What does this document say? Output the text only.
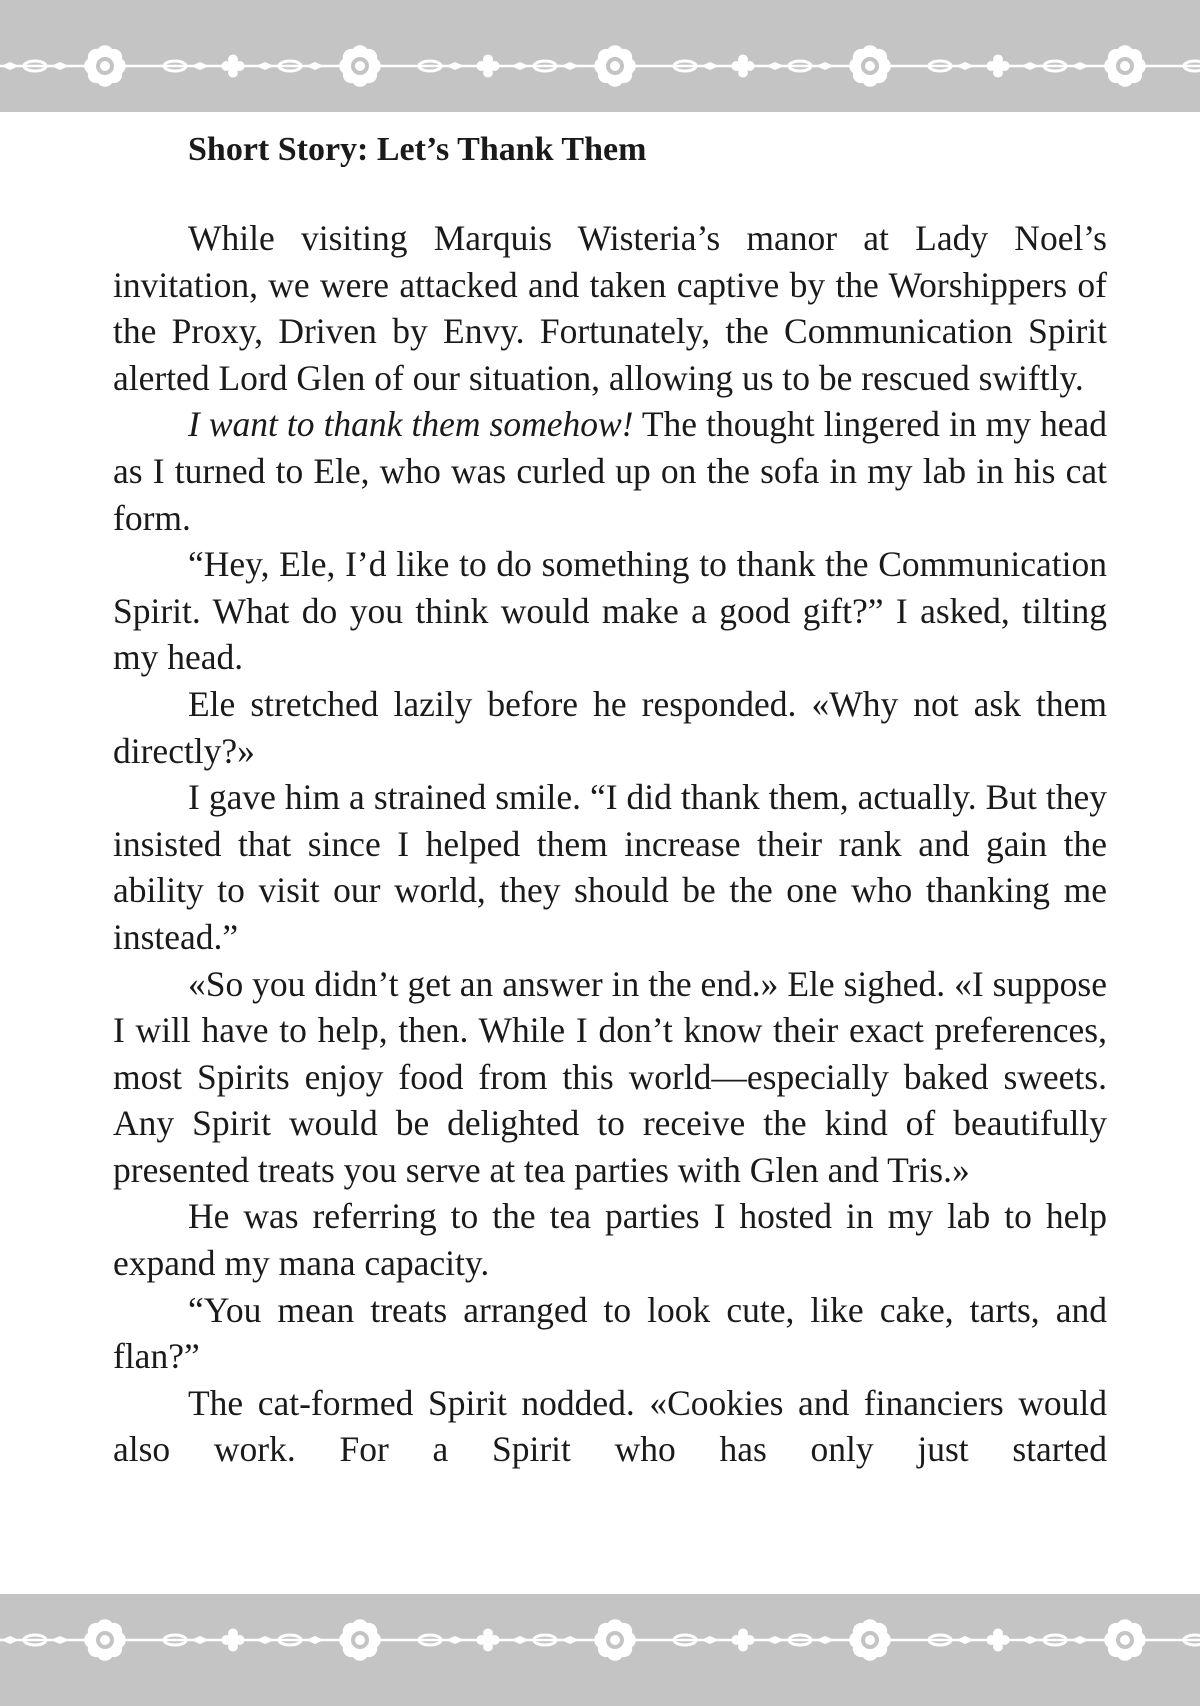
Short Story: Let’s Thank Them

While visiting Marquis Wisteria’s manor at Lady Noel’s invitation, we were attacked and taken captive by the Worshippers of the Proxy, Driven by Envy. Fortunately, the Communication Spirit alerted Lord Glen of our situation, allowing us to be rescued swiftly.

I want to thank them somehow! The thought lingered in my head as I turned to Ele, who was curled up on the sofa in my lab in his cat form.

“Hey, Ele, I’d like to do something to thank the Communication Spirit. What do you think would make a good gift?” I asked, tilting my head.

Ele stretched lazily before he responded. «Why not ask them directly?»

I gave him a strained smile. “I did thank them, actually. But they insisted that since I helped them increase their rank and gain the ability to visit our world, they should be the one who thanking me instead.”

«So you didn’t get an answer in the end.» Ele sighed. «I suppose I will have to help, then. While I don’t know their exact preferences, most Spirits enjoy food from this world—especially baked sweets. Any Spirit would be delighted to receive the kind of beautifully presented treats you serve at tea parties with Glen and Tris.»

He was referring to the tea parties I hosted in my lab to help expand my mana capacity.

“You mean treats arranged to look cute, like cake, tarts, and flan?”

The cat-formed Spirit nodded. «Cookies and financiers would also work. For a Spirit who has only just started
